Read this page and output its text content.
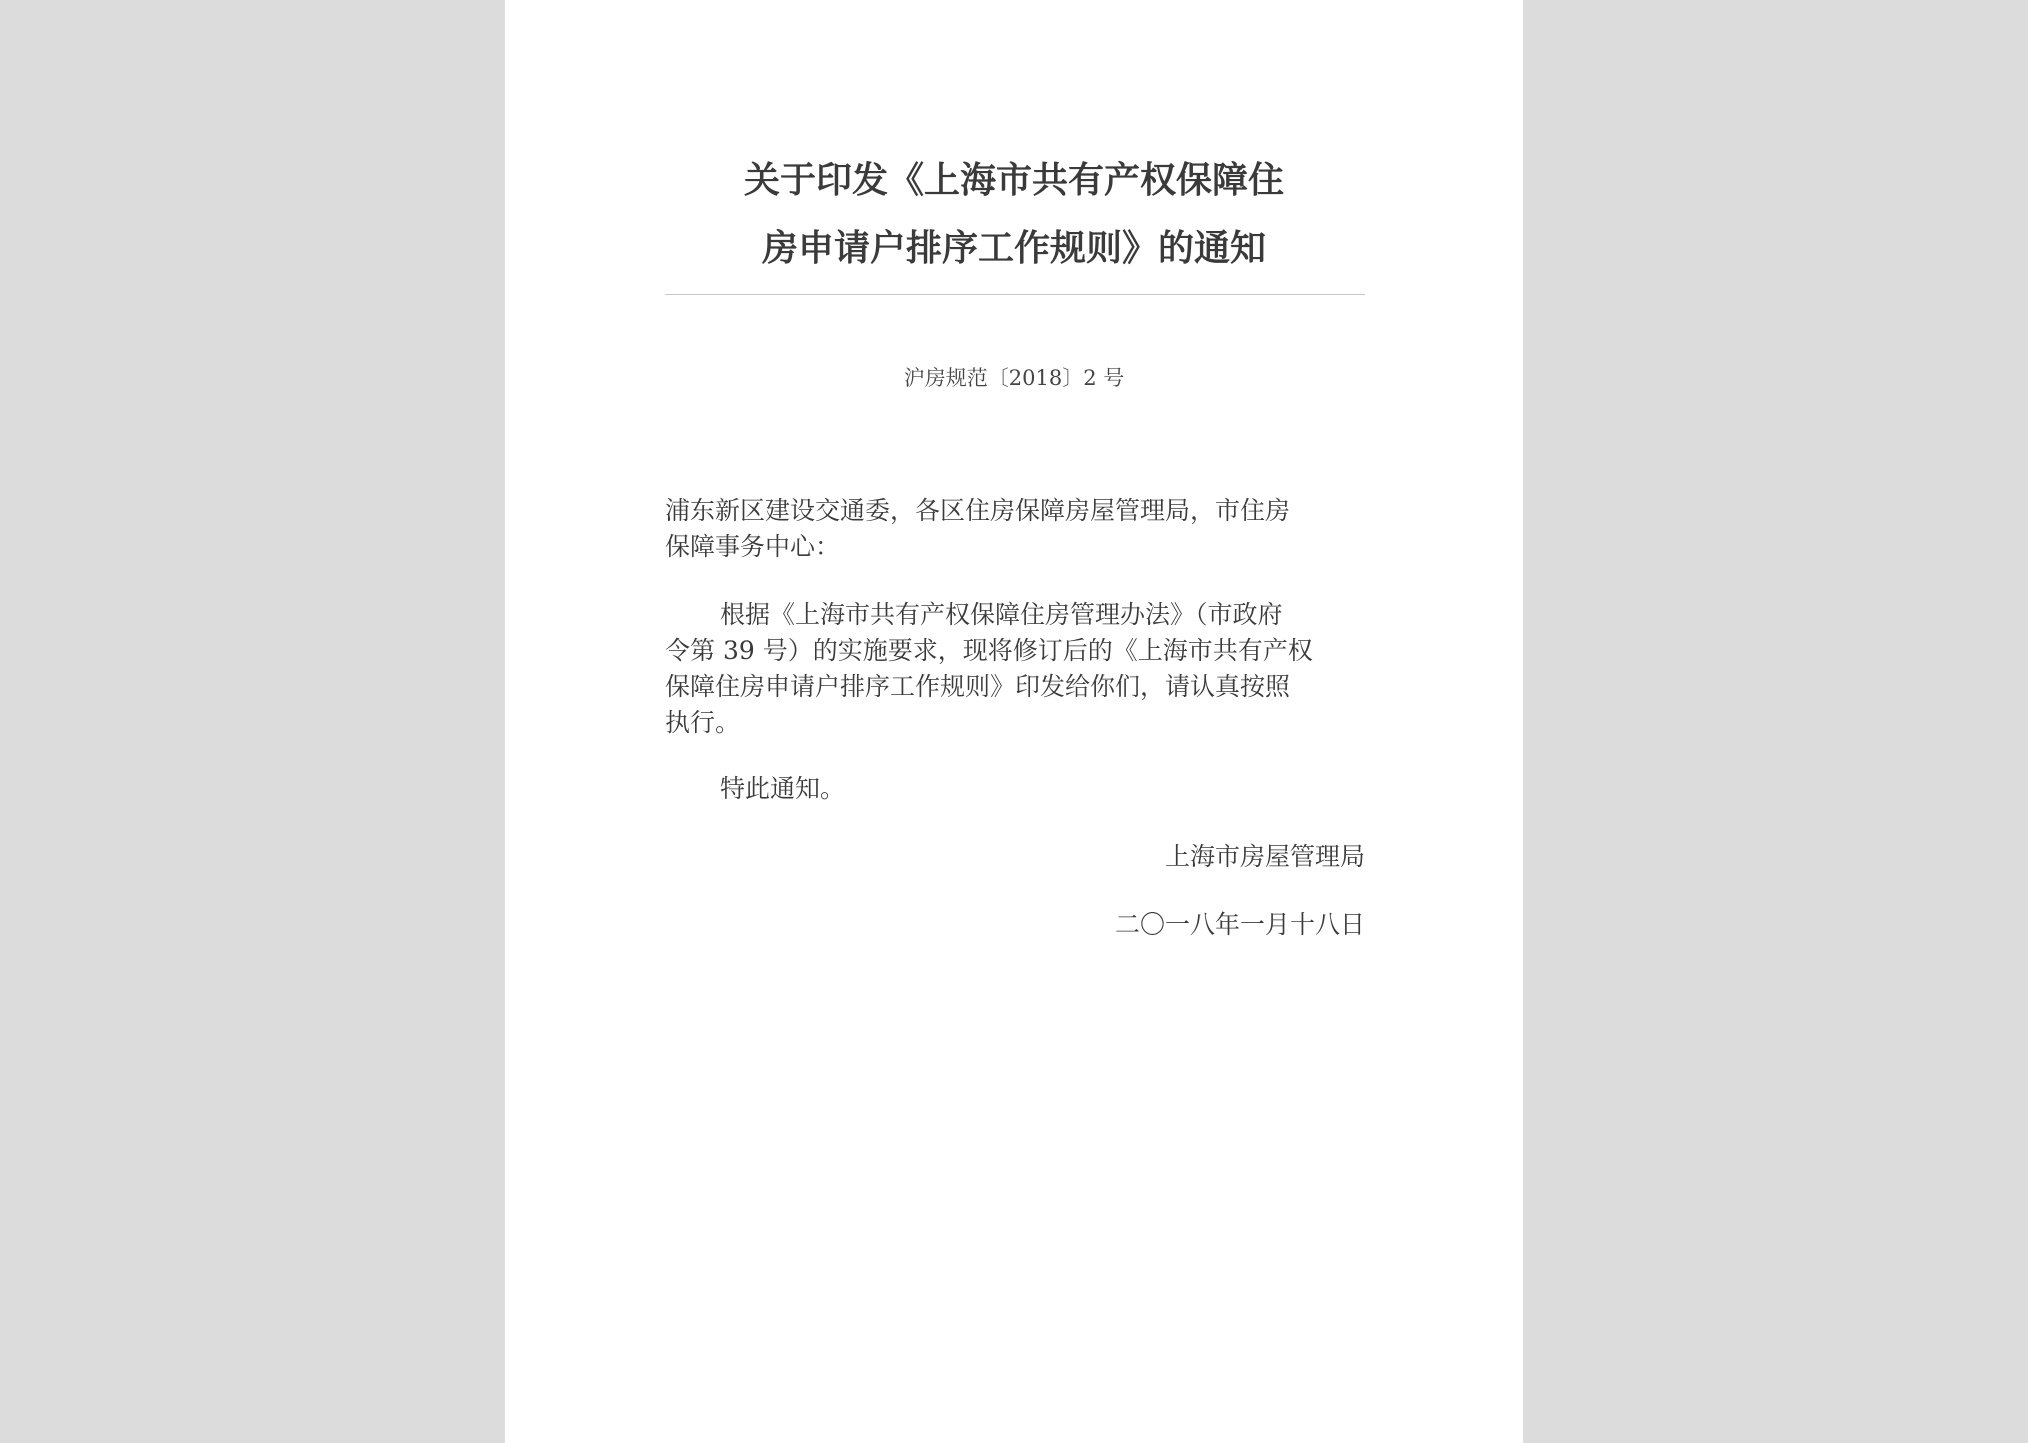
关于印发《上海市共有产权保障住
房申请户排序工作规则》的通知
沪房规范〔2018〕2 号
浦东新区建设交通委，各区住房保障房屋管理局，市住房
保障事务中心：
根据《上海市共有产权保障住房管理办法》（市政府
令第 39 号）的实施要求，现将修订后的《上海市共有产权
保障住房申请户排序工作规则》印发给你们，请认真按照
执行。
特此通知。
上海市房屋管理局
二〇一八年一月十八日
